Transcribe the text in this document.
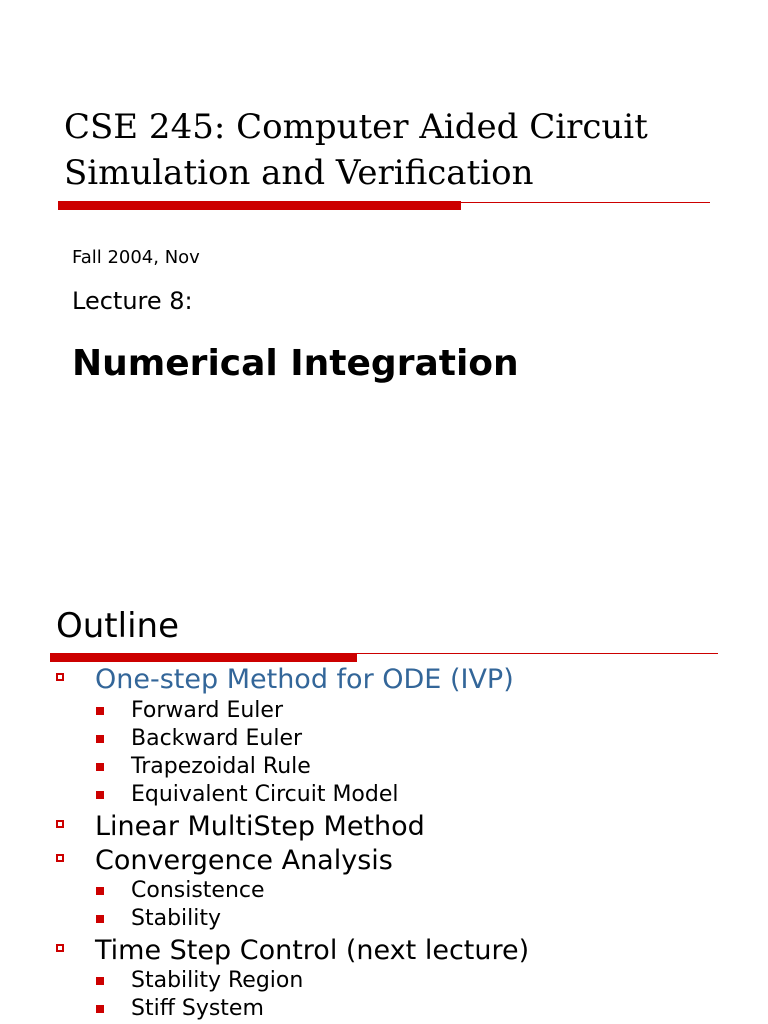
CSE 245: Computer Aided Circuit
Simulation and Verification
Fall 2004, Nov
Lecture 8:
Numerical Integration
Outline
One-step Method for ODE (IVP)
Forward Euler
Backward Euler
Trapezoidal Rule
Equivalent Circuit Model
Linear MultiStep Method
Convergence Analysis
Consistence
Stability
Time Step Control (next lecture)
Stability Region
Stiff System
